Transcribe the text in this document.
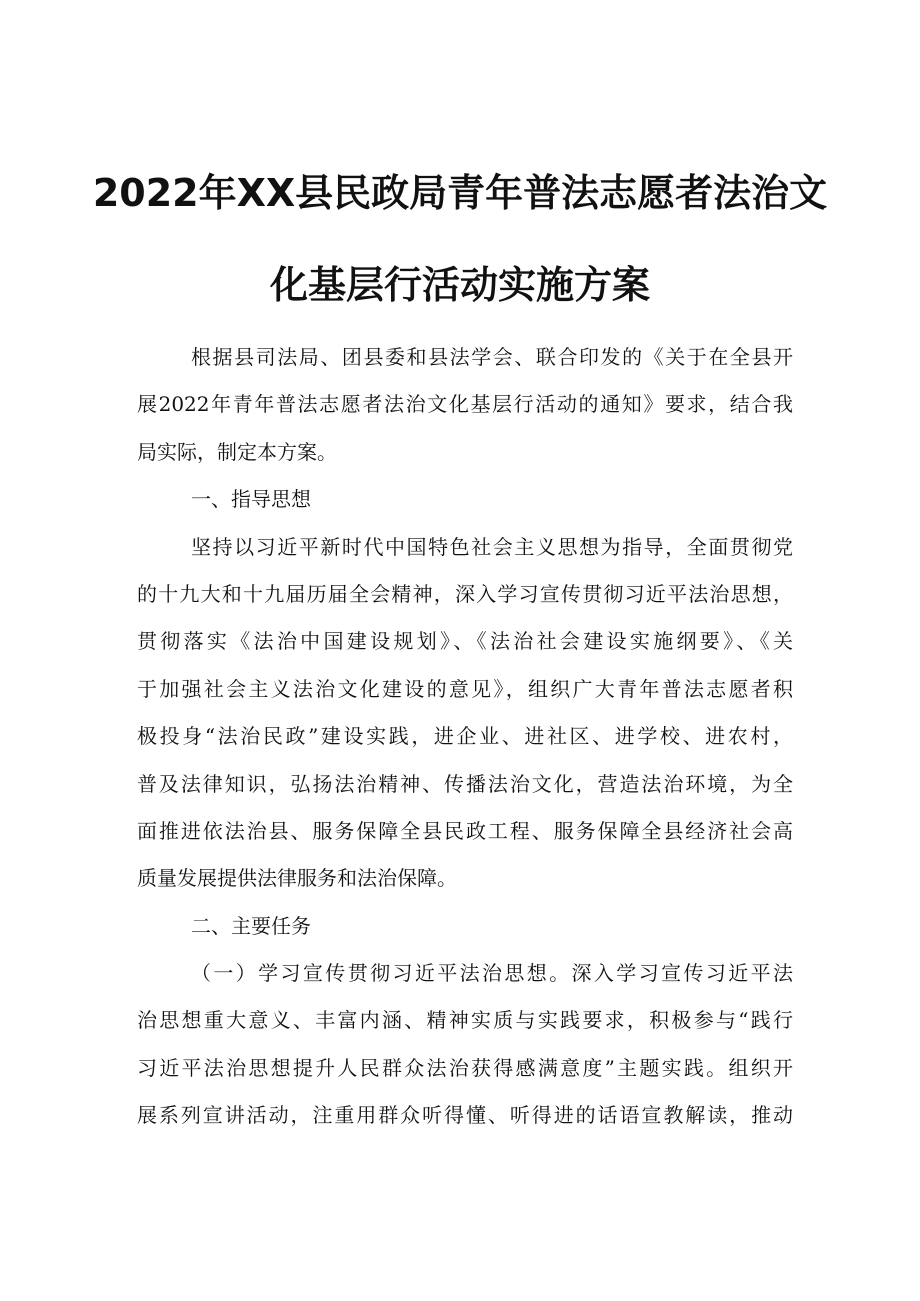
2022年XX县民政局青年普法志愿者法治文
化基层行活动实施方案
根据县司法局、团县委和县法学会、联合印发的《关于在全县开
展2022年青年普法志愿者法治文化基层行活动的通知》要求，结合我
局实际，制定本方案。
一、指导思想
坚持以习近平新时代中国特色社会主义思想为指导，全面贯彻党
的十九大和十九届历届全会精神，深入学习宣传贯彻习近平法治思想，
贯彻落实《法治中国建设规划》、《法治社会建设实施纲要》、《关
于加强社会主义法治文化建设的意见》，组织广大青年普法志愿者积
极投身“法治民政”建设实践，进企业、进社区、进学校、进农村，
普及法律知识，弘扬法治精神、传播法治文化，营造法治环境，为全
面推进依法治县、服务保障全县民政工程、服务保障全县经济社会高
质量发展提供法律服务和法治保障。
二、主要任务
（一）学习宣传贯彻习近平法治思想。深入学习宣传习近平法
治思想重大意义、丰富内涵、精神实质与实践要求，积极参与“践行
习近平法治思想提升人民群众法治获得感满意度”主题实践。组织开
展系列宣讲活动，注重用群众听得懂、听得进的话语宣教解读，推动
